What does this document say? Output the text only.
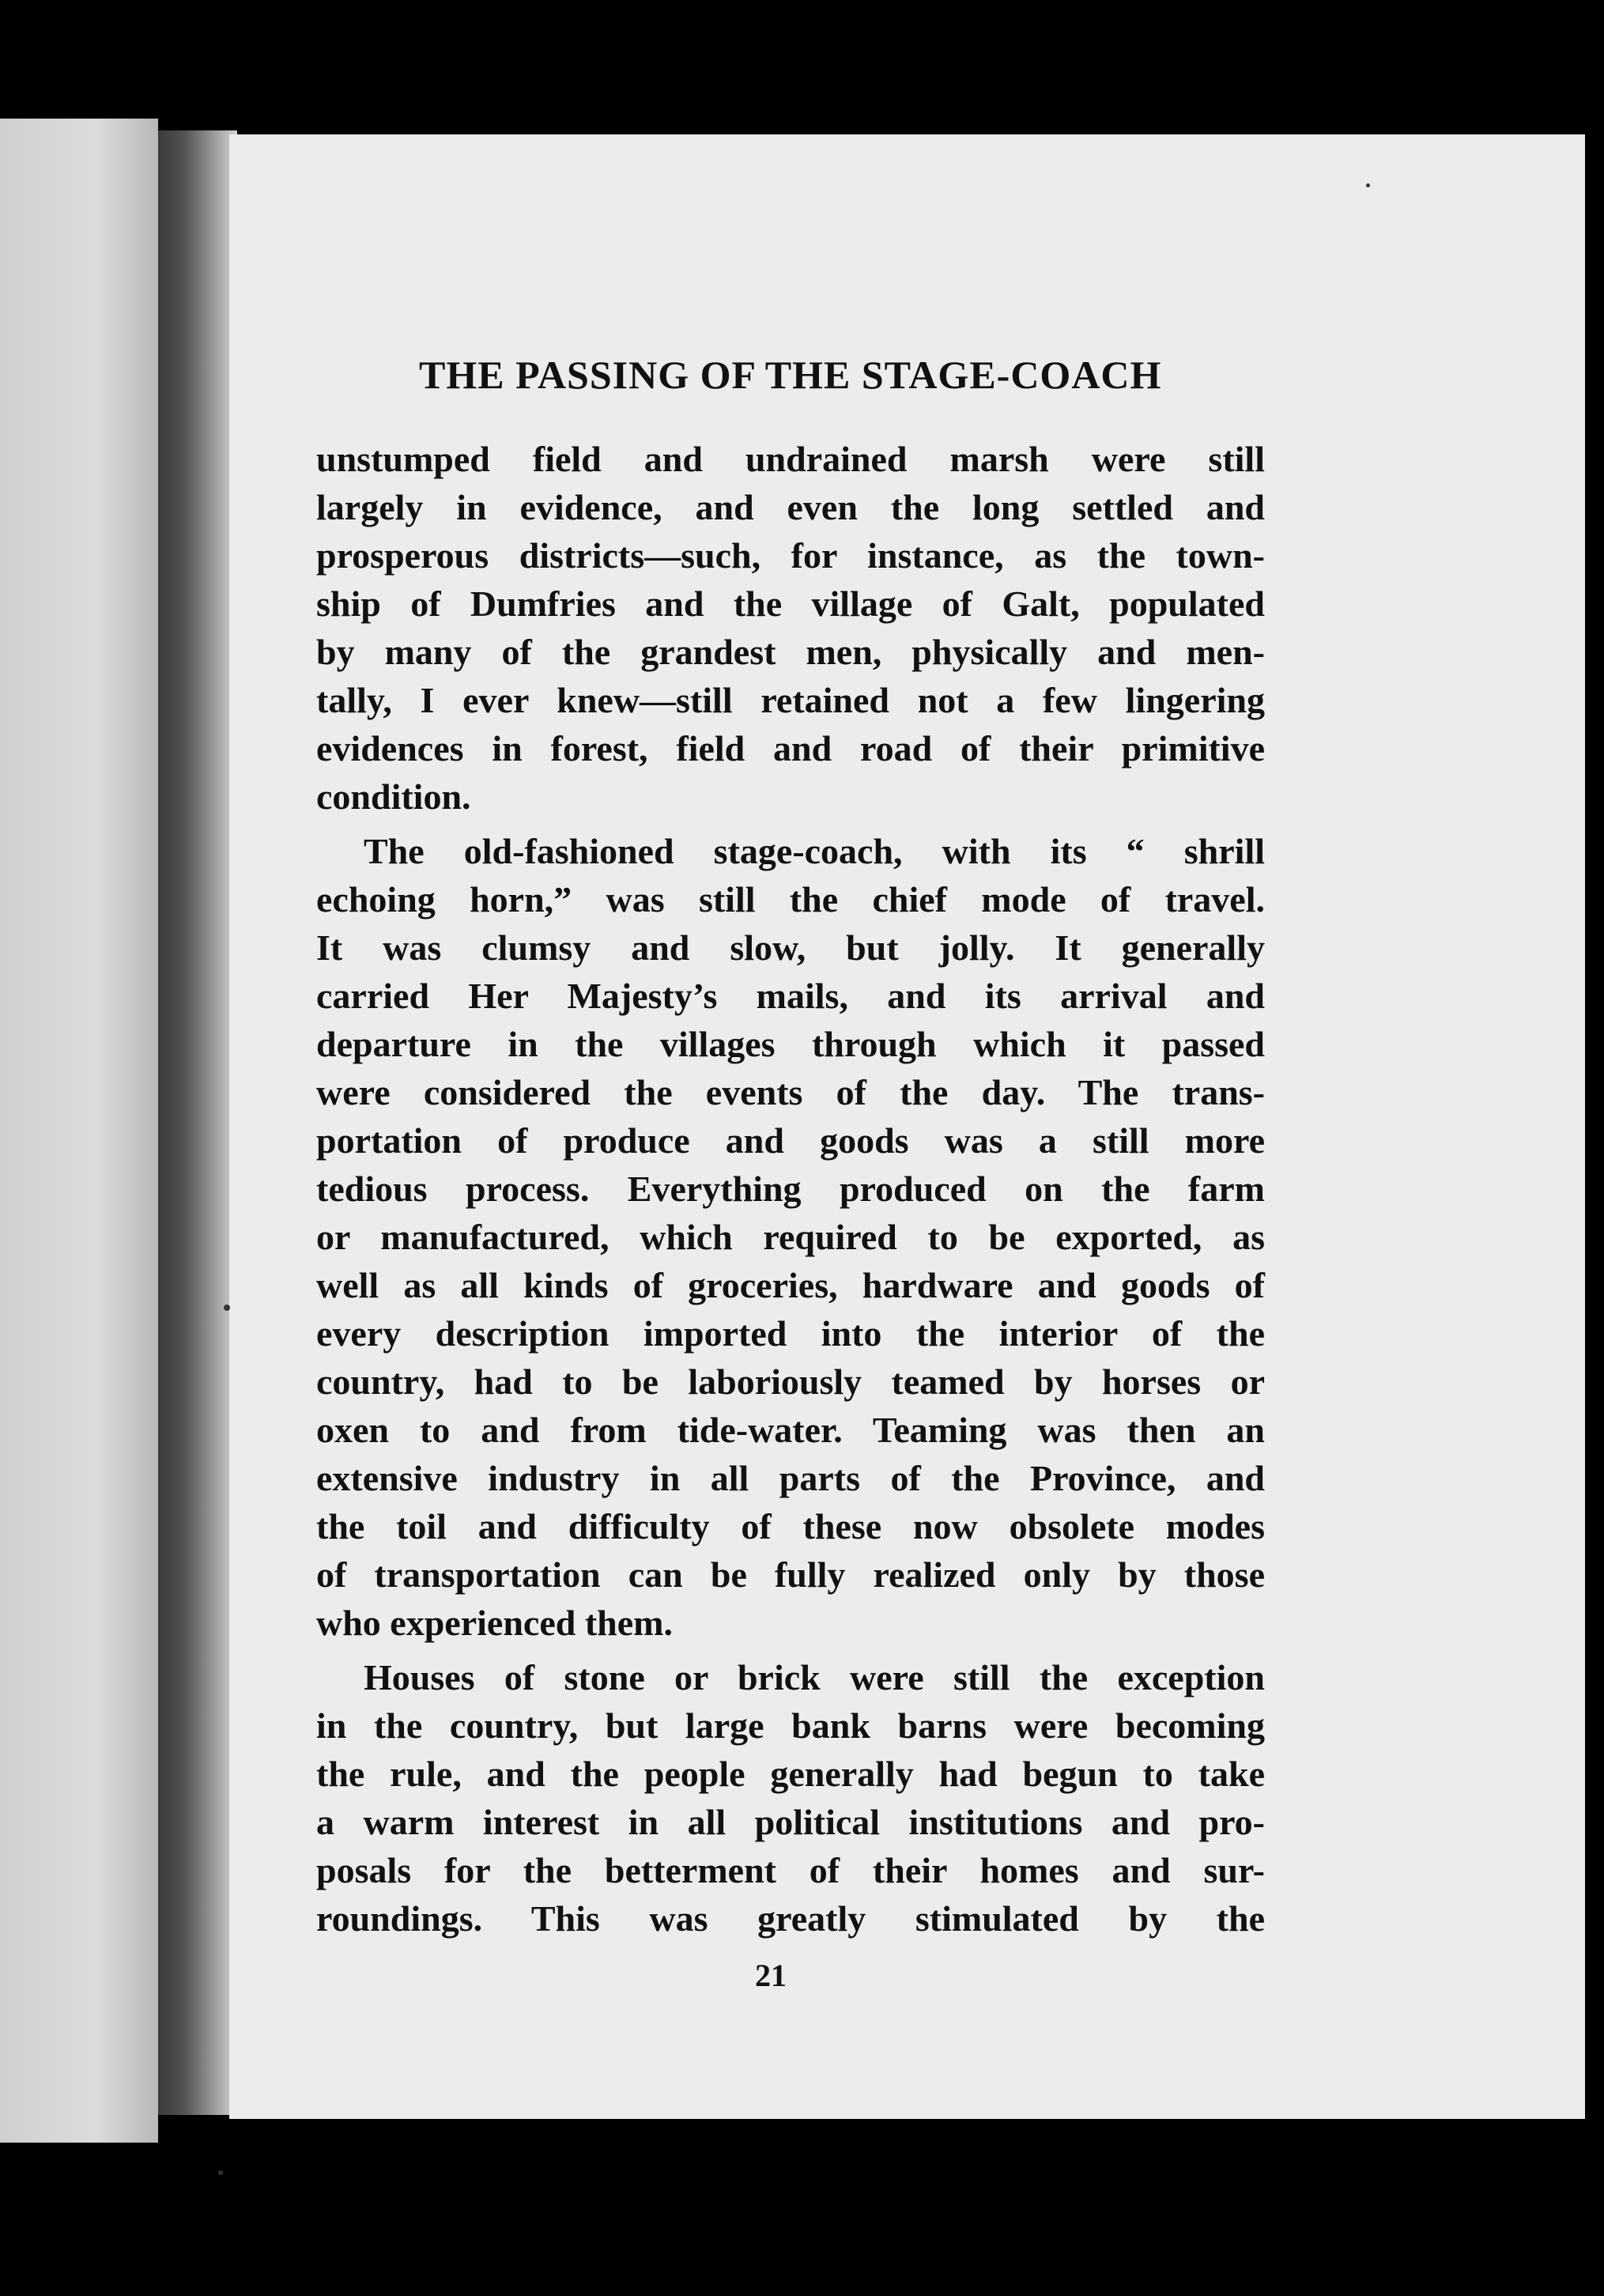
THE PASSING OF THE STAGE-COACH
unstumped field and undrained marsh were still
largely in evidence, and even the long settled and
prosperous districts—such, for instance, as the town-
ship of Dumfries and the village of Galt, populated
by many of the grandest men, physically and men-
tally, I ever knew—still retained not a few lingering
evidences in forest, field and road of their primitive
condition.
The old-fashioned stage-coach, with its “ shrill
echoing horn,” was still the chief mode of travel.
It was clumsy and slow, but jolly. It generally
carried Her Majesty’s mails, and its arrival and
departure in the villages through which it passed
were considered the events of the day. The trans-
portation of produce and goods was a still more
tedious process. Everything produced on the farm
or manufactured, which required to be exported, as
well as all kinds of groceries, hardware and goods of
every description imported into the interior of the
country, had to be laboriously teamed by horses or
oxen to and from tide-water. Teaming was then an
extensive industry in all parts of the Province, and
the toil and difficulty of these now obsolete modes
of transportation can be fully realized only by those
who experienced them.
Houses of stone or brick were still the exception
in the country, but large bank barns were becoming
the rule, and the people generally had begun to take
a warm interest in all political institutions and pro-
posals for the betterment of their homes and sur-
roundings. This was greatly stimulated by the
21
